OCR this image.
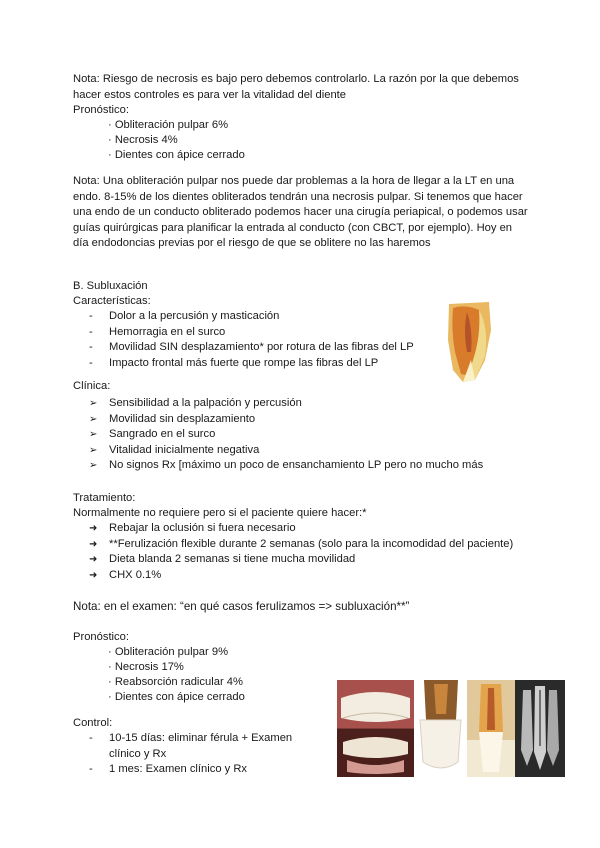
Nota: Riesgo de necrosis es bajo pero debemos controlarlo. La razón por la que debemos hacer estos controles es para ver la vitalidad del diente

Pronóstico:

· Obliteración pulpar 6%

· Necrosis 4%

· Dientes con ápice cerrado

Nota: Una obliteración pulpar nos puede dar problemas a la hora de llegar a la LT en una endo. 8-15% de los dientes obliterados tendrán una necrosis pulpar. Si tenemos que hacer una endo de un conducto obliterado podemos hacer una cirugía periapical, o podemos usar guías quirúrgicas para planificar la entrada al conducto (con CBCT, por ejemplo). Hoy en día endodoncias previas por el riesgo de que se oblitere no las haremos

B. Subluxación

Características:

- Dolor a la percusión y masticación
- Hemorragia en el surco
- Movilidad SIN desplazamiento* por rotura de las fibras del LP
- Impacto frontal más fuerte que rompe las fibras del LP

Clínica:

➢ Sensibilidad a la palpación y percusión
➢ Movilidad sin desplazamiento
➢ Sangrado en el surco
➢ Vitalidad inicialmente negativa
➢ No signos Rx [máximo un poco de ensanchamiento LP pero no mucho más

Tratamiento:

Normalmente no requiere pero si el paciente quiere hacer:*

➜ Rebajar la oclusión si fuera necesario
➜ **Ferulización flexible durante 2 semanas (solo para la incomodidad del paciente)
➜ Dieta blanda 2 semanas si tiene mucha movilidad
➜ CHX 0.1%

Nota: en el examen: “en qué casos ferulizamos => subluxación**”

Pronóstico:

· Obliteración pulpar 9%

· Necrosis 17%

· Reabsorción radicular 4%

· Dientes con ápice cerrado

Control:

- 10-15 días: eliminar férula + Examen clínico y Rx
- 1 mes: Examen clínico y Rx
